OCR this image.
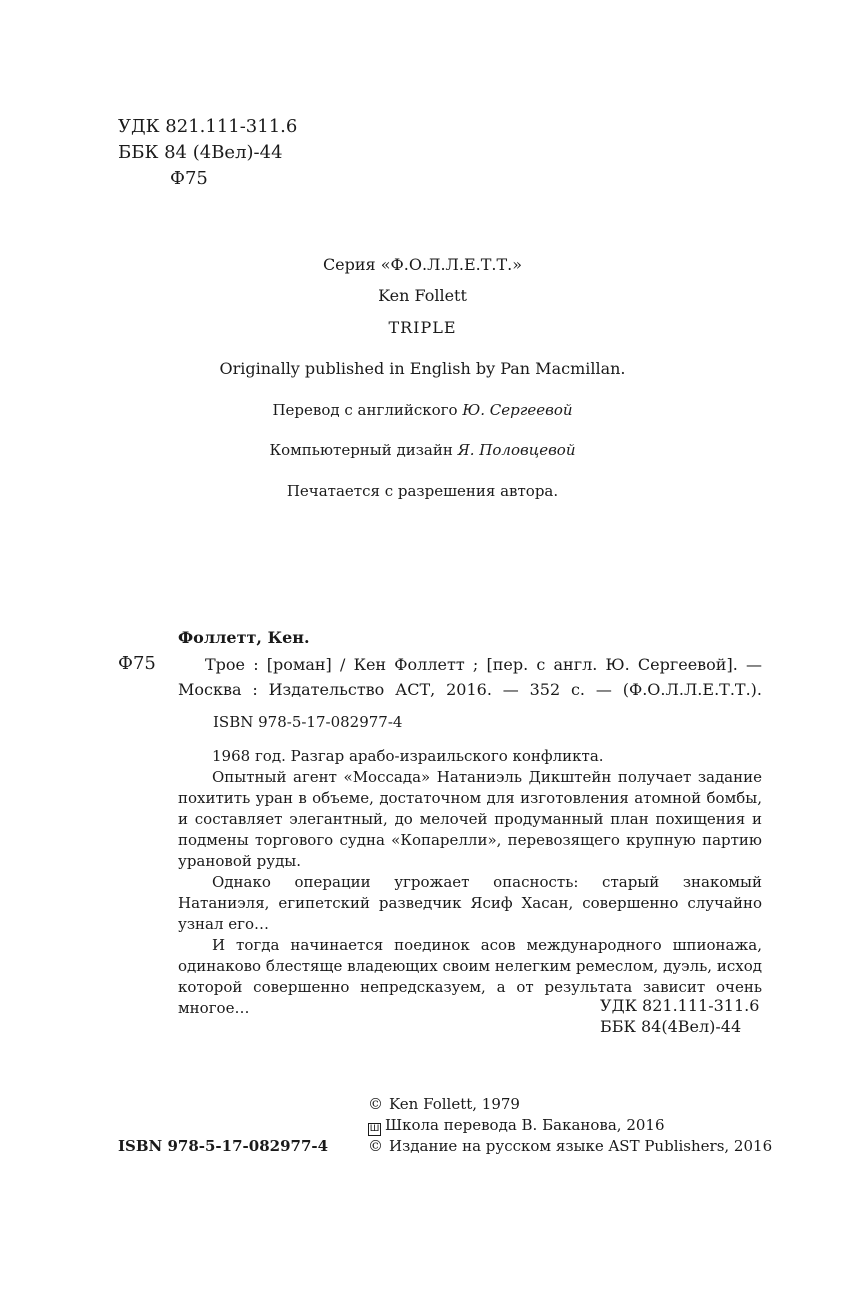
УДК 821.111-311.6
ББК 84 (4Вел)-44
Ф75
Серия «Ф.О.Л.Л.Е.Т.Т.»
Ken Follett
TRIPLE
Originally published in English by Pan Macmillan.
Перевод с английского Ю. Сергеевой
Компьютерный дизайн Я. Половцевой
Печатается с разрешения автора.
Фоллетт, Кен.
Ф75	Трое : [роман] / Кен Фоллетт ; [пер. с англ. Ю. Сергеевой]. —
Москва : Издательство АСТ, 2016. — 352 с. — (Ф.О.Л.Л.Е.Т.Т.).
ISBN 978-5-17-082977-4

1968 год. Разгар арабо-израильского конфликта.

Опытный агент «Моссада» Натаниэль Дикштейн получает задание похитить уран в объеме, достаточном для изготовления атомной бомбы, и составляет элегантный, до мелочей продуманный план похищения и подмены торгового судна «Копарелли», перевозящего крупную партию урановой руды.

Однако операции угрожает опасность: старый знакомый Натаниэля, египетский разведчик Ясиф Хасан, совершенно случайно узнал его…

И тогда начинается поединок асов международного шпионажа, одинаково блестяще владеющих своим нелегким ремеслом, дуэль, исход которой совершенно непредсказуем, а от результата зависит очень многое…	УДК 821.111-311.6
ББК 84(4Вел)-44
ISBN 978-5-17-082977-4
© Ken Follett, 1979
Ш Школа перевода В. Баканова, 2016
© Издание на русском языке AST Publishers, 2016
